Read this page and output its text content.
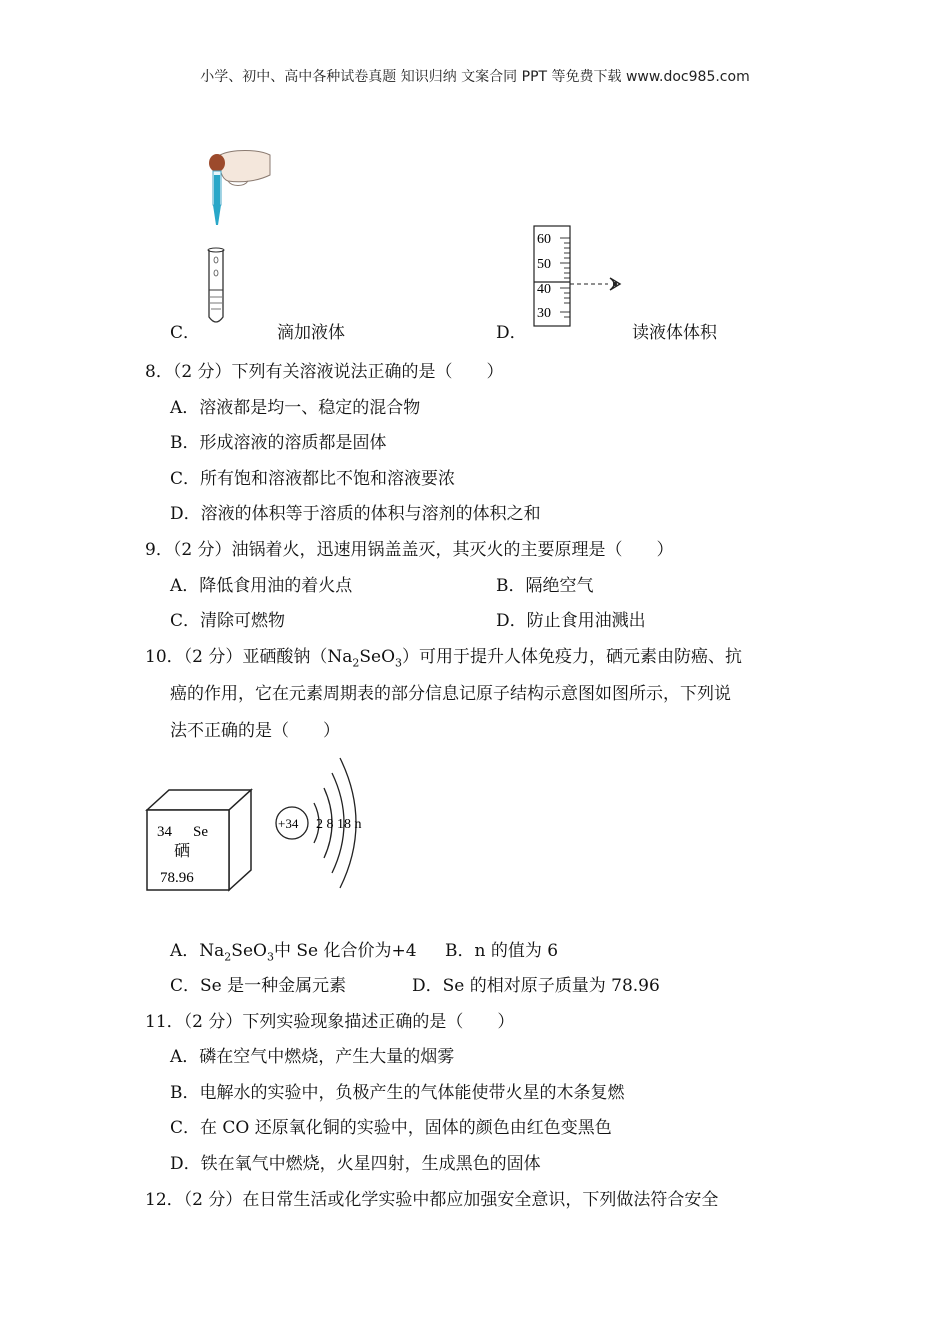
小学、初中、高中各种试卷真题 知识归纳 文案合同 PPT 等免费下载 www.doc985.com
C．	滴加液体
60
50
40
30
D．	读液体体积
8．（2 分）下列有关溶液说法正确的是（　　）
A．溶液都是均一、稳定的混合物
B．形成溶液的溶质都是固体
C．所有饱和溶液都比不饱和溶液要浓
D．溶液的体积等于溶质的体积与溶剂的体积之和
9．（2 分）油锅着火，迅速用锅盖盖灭，其灭火的主要原理是（　　）
A．降低食用油的着火点	B．隔绝空气
C．清除可燃物	D．防止食用油溅出
10．（2 分）亚硒酸钠$(Na_2SeO_3)$可用于提升人体免疫力，硒元素由防癌、抗
癌的作用，它在元素周期表的部分信息记原子结构示意图如图所示，下列说
法不正确的是（　　）
34 Se
硒
78.96
+34 2 8 18 n
A．$Na_2SeO_3$中 Se 化合价为+4 B．n 的值为 6
C．Se 是一种金属元素	D．Se 的相对原子质量为 78.96
11．（2 分）下列实验现象描述正确的是（　　）
A．磷在空气中燃烧，产生大量的烟雾
B．电解水的实验中，负极产生的气体能使带火星的木条复燃
C．在 CO 还原氧化铜的实验中，固体的颜色由红色变黑色
D．铁在氧气中燃烧，火星四射，生成黑色的固体
12．（2 分）在日常生活或化学实验中都应加强安全意识，下列做法符合安全
